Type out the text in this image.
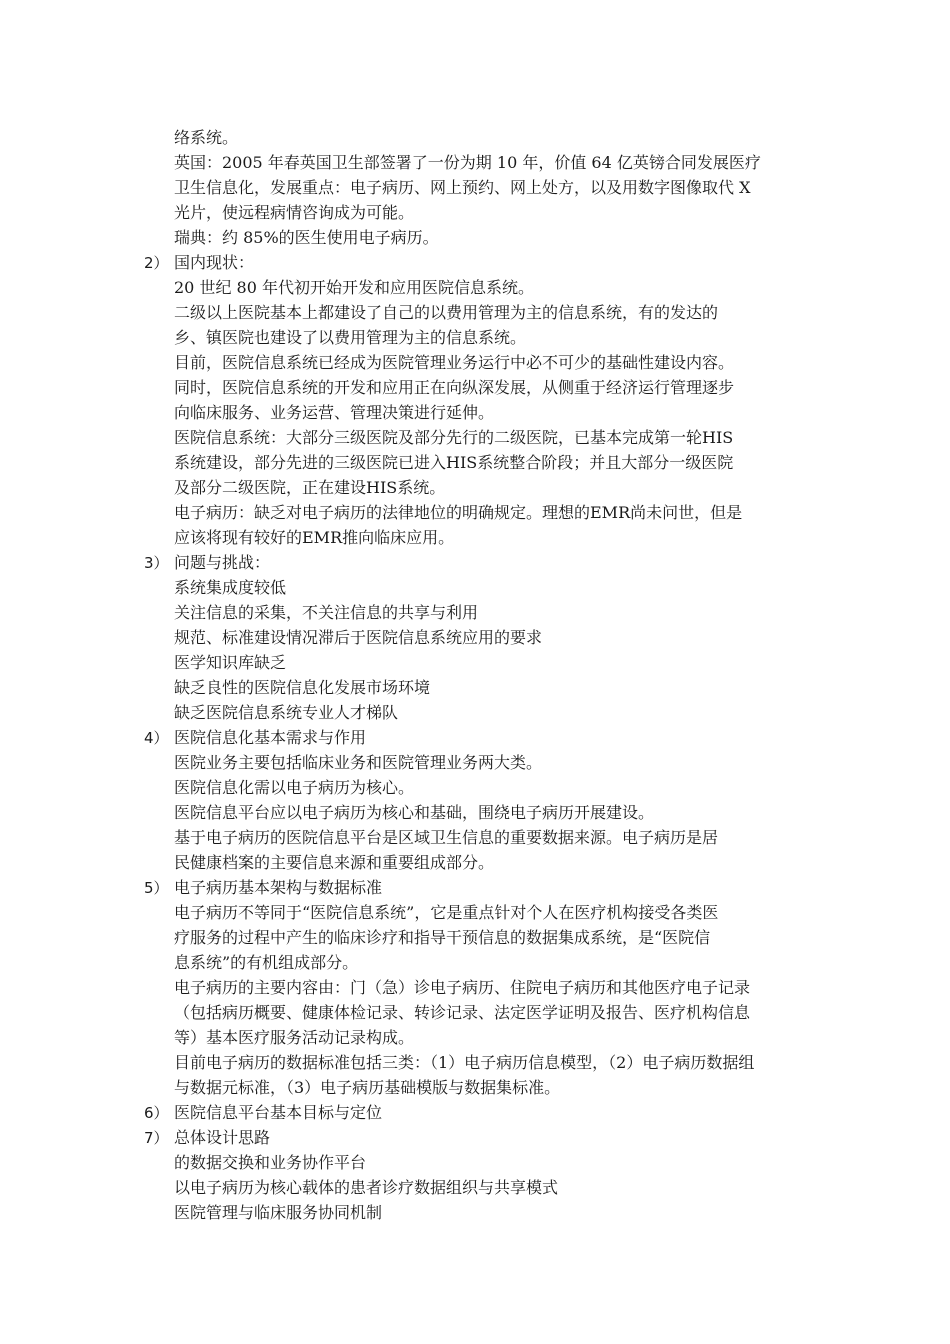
络系统。
英国：2005 年春英国卫生部签署了一份为期 10 年，价值 64 亿英镑合同发展医疗
卫生信息化，发展重点：电子病历、网上预约、网上处方，以及用数字图像取代 X
光片，使远程病情咨询成为可能。
瑞典：约 85%的医生使用电子病历。
2） 国内现状：
20 世纪 80 年代初开始开发和应用医院信息系统。
二级以上医院基本上都建设了自己的以费用管理为主的信息系统，有的发达的
乡、镇医院也建设了以费用管理为主的信息系统。
目前，医院信息系统已经成为医院管理业务运行中必不可少的基础性建设内容。
同时，医院信息系统的开发和应用正在向纵深发展，从侧重于经济运行管理逐步
向临床服务、业务运营、管理决策进行延伸。
医院信息系统：大部分三级医院及部分先行的二级医院，已基本完成第一轮HIS
系统建设，部分先进的三级医院已进入HIS系统整合阶段；并且大部分一级医院
及部分二级医院，正在建设HIS系统。
电子病历：缺乏对电子病历的法律地位的明确规定。理想的EMR尚未问世，但是
应该将现有较好的EMR推向临床应用。
3） 问题与挑战：
系统集成度较低
关注信息的采集，不关注信息的共享与利用
规范、标准建设情况滞后于医院信息系统应用的要求
医学知识库缺乏
缺乏良性的医院信息化发展市场环境
缺乏医院信息系统专业人才梯队
4） 医院信息化基本需求与作用
医院业务主要包括临床业务和医院管理业务两大类。
医院信息化需以电子病历为核心。
医院信息平台应以电子病历为核心和基础，围绕电子病历开展建设。
基于电子病历的医院信息平台是区域卫生信息的重要数据来源。电子病历是居
民健康档案的主要信息来源和重要组成部分。
5） 电子病历基本架构与数据标准
电子病历不等同于“医院信息系统”，它是重点针对个人在医疗机构接受各类医
疗服务的过程中产生的临床诊疗和指导干预信息的数据集成系统，是“医院信
息系统”的有机组成部分。
电子病历的主要内容由：门（急）诊电子病历、住院电子病历和其他医疗电子记录
（包括病历概要、健康体检记录、转诊记录、法定医学证明及报告、医疗机构信息
等）基本医疗服务活动记录构成。
目前电子病历的数据标准包括三类：（1）电子病历信息模型，（2）电子病历数据组
与数据元标准，（3）电子病历基础模版与数据集标准。
6） 医院信息平台基本目标与定位
7） 总体设计思路
的数据交换和业务协作平台
以电子病历为核心载体的患者诊疗数据组织与共享模式
医院管理与临床服务协同机制
